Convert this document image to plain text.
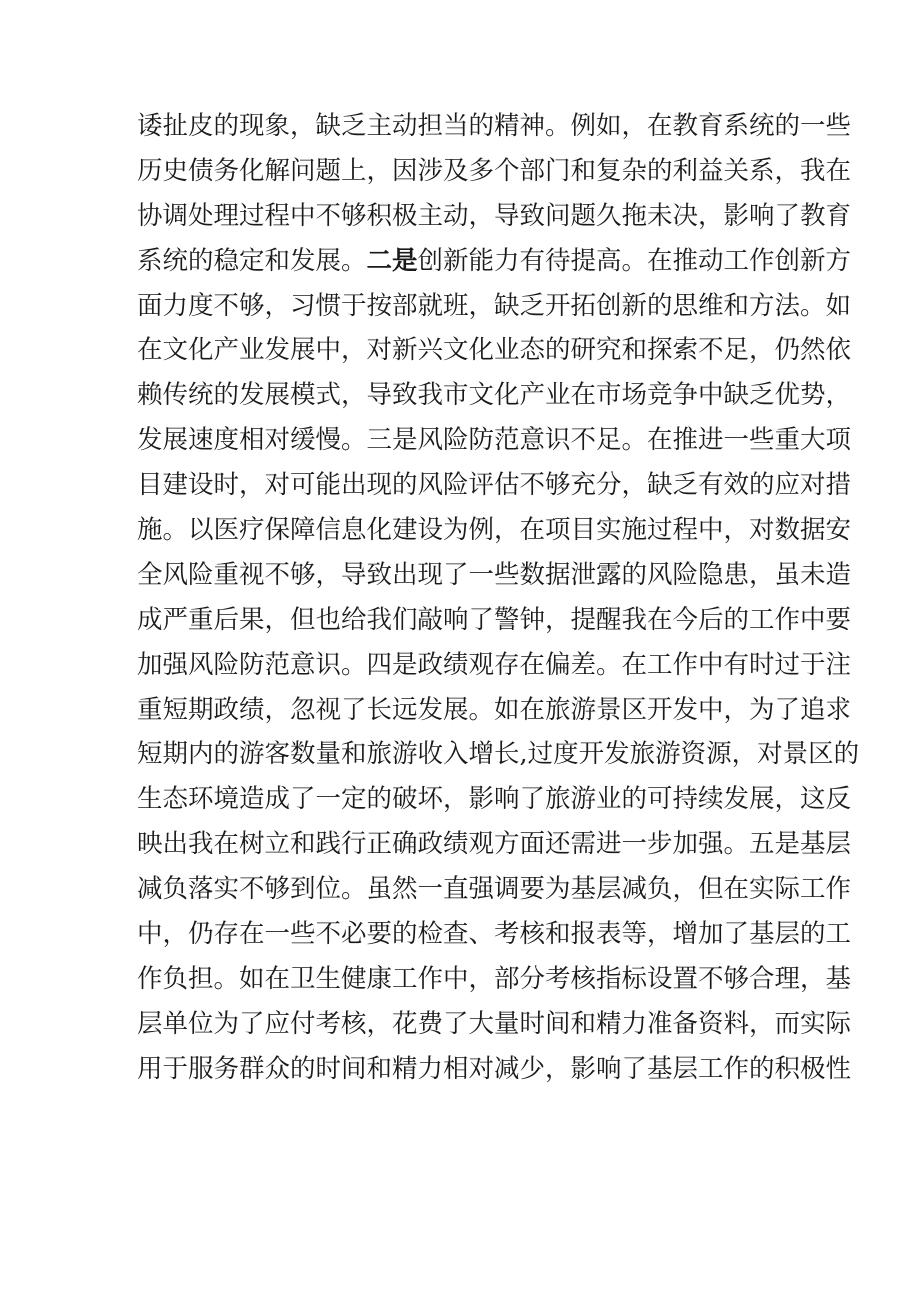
诿扯皮的现象，缺乏主动担当的精神。例如，在教育系统的一些
历史债务化解问题上，因涉及多个部门和复杂的利益关系，我在
协调处理过程中不够积极主动，导致问题久拖未决，影响了教育
系统的稳定和发展。二是创新能力有待提高。在推动工作创新方
面力度不够，习惯于按部就班，缺乏开拓创新的思维和方法。如
在文化产业发展中，对新兴文化业态的研究和探索不足，仍然依
赖传统的发展模式，导致我市文化产业在市场竞争中缺乏优势，
发展速度相对缓慢。三是风险防范意识不足。在推进一些重大项
目建设时，对可能出现的风险评估不够充分，缺乏有效的应对措
施。以医疗保障信息化建设为例，在项目实施过程中，对数据安
全风险重视不够，导致出现了一些数据泄露的风险隐患，虽未造
成严重后果，但也给我们敲响了警钟，提醒我在今后的工作中要
加强风险防范意识。四是政绩观存在偏差。在工作中有时过于注
重短期政绩，忽视了长远发展。如在旅游景区开发中，为了追求
短期内的游客数量和旅游收入增长,过度开发旅游资源，对景区的
生态环境造成了一定的破坏，影响了旅游业的可持续发展，这反
映出我在树立和践行正确政绩观方面还需进一步加强。五是基层
减负落实不够到位。虽然一直强调要为基层减负，但在实际工作
中，仍存在一些不必要的检查、考核和报表等，增加了基层的工
作负担。如在卫生健康工作中，部分考核指标设置不够合理，基
层单位为了应付考核，花费了大量时间和精力准备资料，而实际
用于服务群众的时间和精力相对减少，影响了基层工作的积极性
